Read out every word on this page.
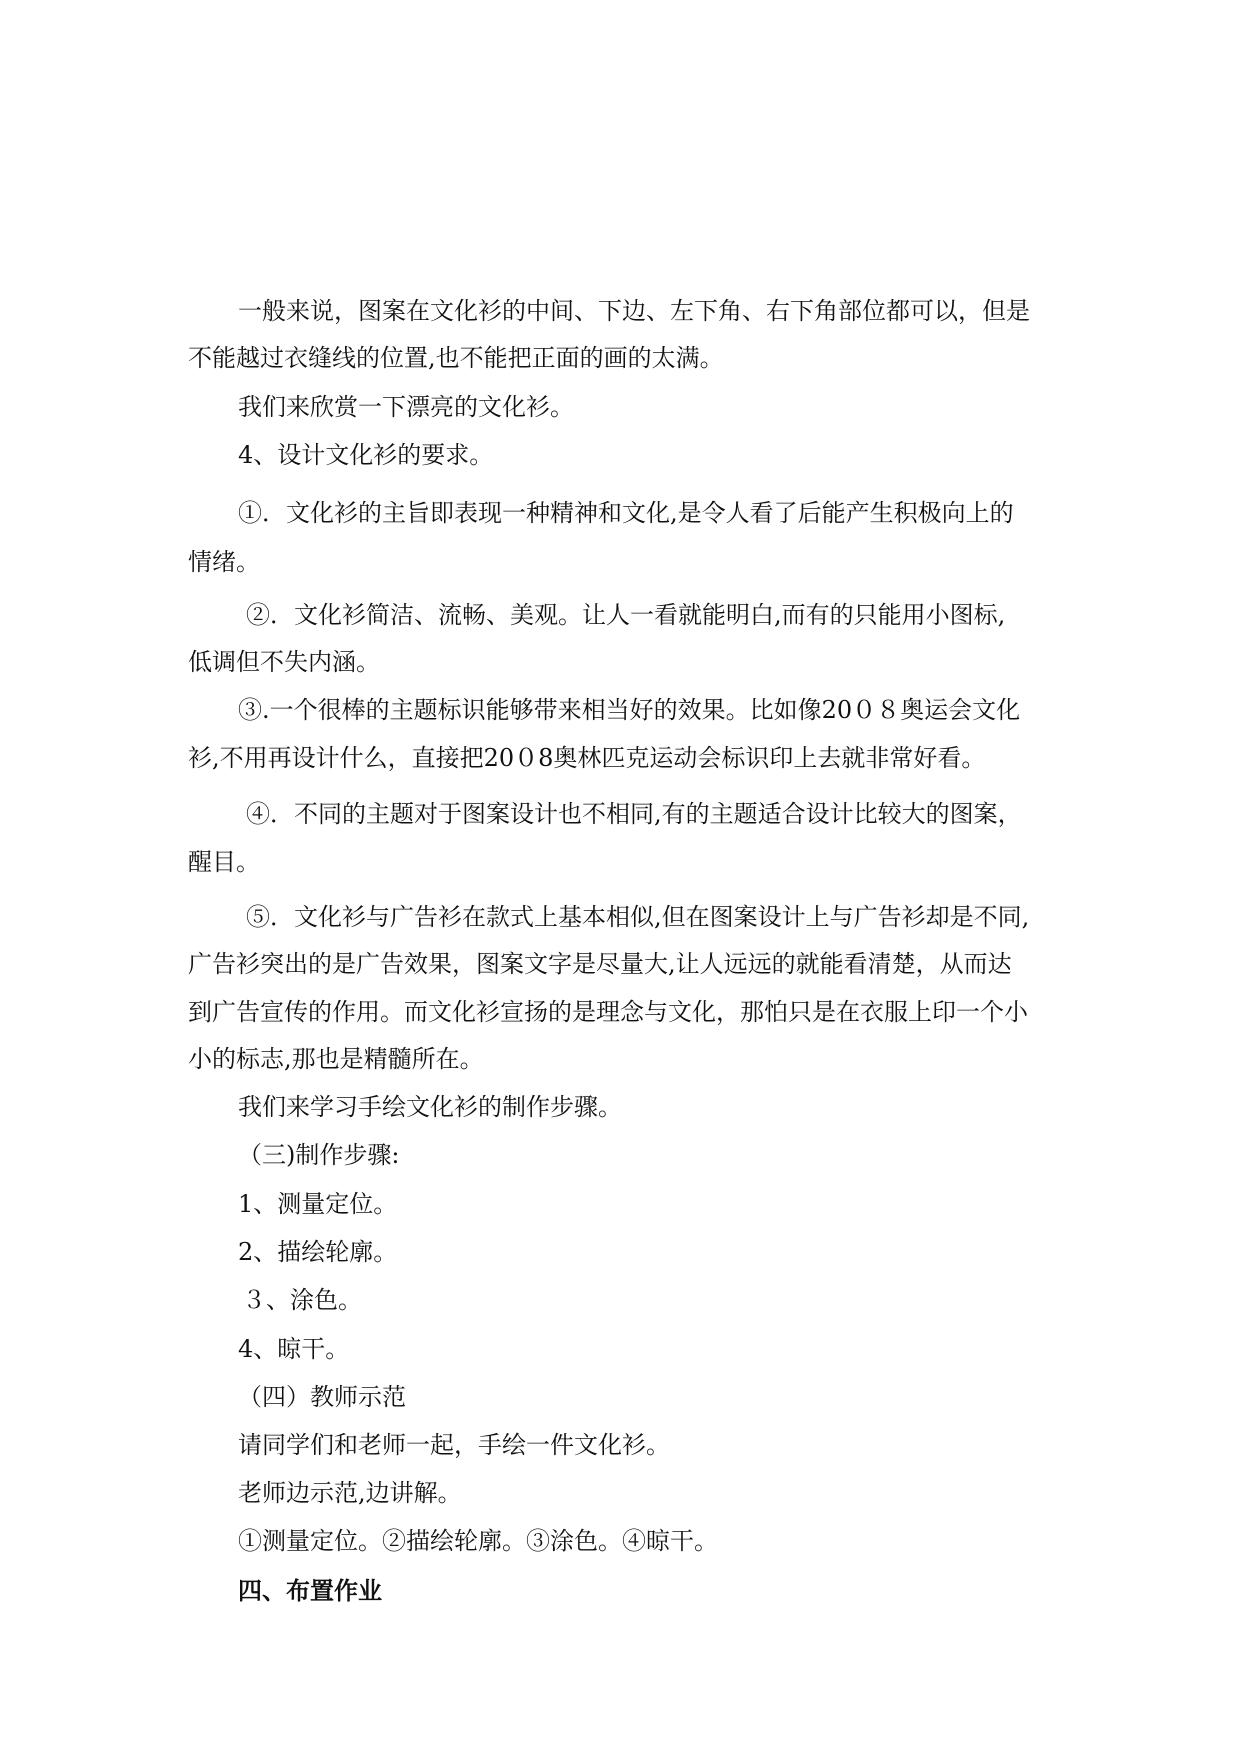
一般来说，图案在文化衫的中间、下边、左下角、右下角部位都可以，但是

不能越过衣缝线的位置,也不能把正面的画的太满。

我们来欣赏一下漂亮的文化衫。

4、设计文化衫的要求。

①．文化衫的主旨即表现一种精神和文化,是令人看了后能产生积极向上的

情绪。

②．文化衫简洁、流畅、美观。让人一看就能明白,而有的只能用小图标,

低调但不失内涵。

③.一个很棒的主题标识能够带来相当好的效果。比如像20０８奥运会文化

衫,不用再设计什么，直接把20０8奥林匹克运动会标识印上去就非常好看。

④．不同的主题对于图案设计也不相同,有的主题适合设计比较大的图案，

醒目。

⑤．文化衫与广告衫在款式上基本相似,但在图案设计上与广告衫却是不同,

广告衫突出的是广告效果，图案文字是尽量大,让人远远的就能看清楚，从而达

到广告宣传的作用。而文化衫宣扬的是理念与文化，那怕只是在衣服上印一个小

小的标志,那也是精髓所在。

我们来学习手绘文化衫的制作步骤。

（三)制作步骤:

1、测量定位。

2、描绘轮廓。

３、涂色。

4、晾干。

（四）教师示范

请同学们和老师一起，手绘一件文化衫。

老师边示范,边讲解。

①测量定位。②描绘轮廓。③涂色。④晾干。

四、布置作业
